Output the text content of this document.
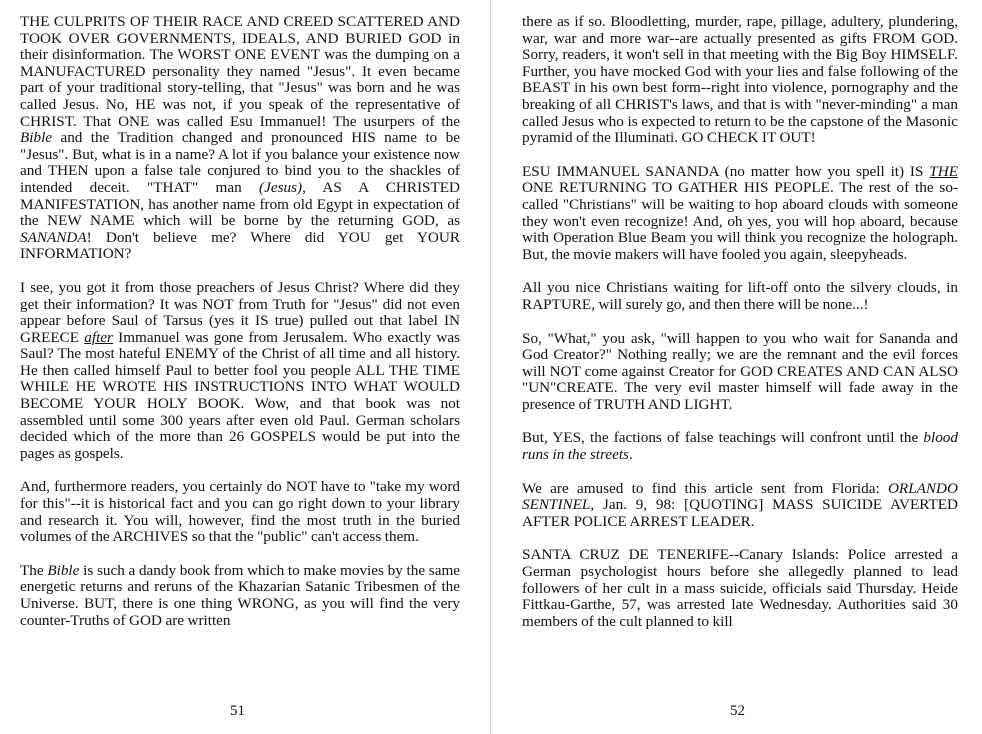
THE CULPRITS OF THEIR RACE AND CREED SCATTERED AND TOOK OVER GOVERNMENTS, IDEALS, AND BURIED GOD in their disinformation. The WORST ONE EVENT was the dumping on a MANUFACTURED personality they named "Jesus". It even became part of your traditional story-telling, that "Jesus" was born and he was called Jesus. No, HE was not, if you speak of the representative of CHRIST. That ONE was called Esu Immanuel! The usurpers of the Bible and the Tradition changed and pronounced HIS name to be "Jesus". But, what is in a name? A lot if you balance your existence now and THEN upon a false tale conjured to bind you to the shackles of intended deceit. "THAT" man (Jesus), AS A CHRISTED MANIFESTATION, has another name from old Egypt in expectation of the NEW NAME which will be borne by the returning GOD, as SANANDA! Don't believe me? Where did YOU get YOUR INFORMATION?

I see, you got it from those preachers of Jesus Christ? Where did they get their information? It was NOT from Truth for "Jesus" did not even appear before Saul of Tarsus (yes it IS true) pulled out that label IN GREECE after Immanuel was gone from Jerusalem. Who exactly was Saul? The most hateful ENEMY of the Christ of all time and all history. He then called himself Paul to better fool you people ALL THE TIME WHILE HE WROTE HIS INSTRUCTIONS INTO WHAT WOULD BECOME YOUR HOLY BOOK. Wow, and that book was not assembled until some 300 years after even old Paul. German scholars decided which of the more than 26 GOSPELS would be put into the pages as gospels.

And, furthermore readers, you certainly do NOT have to "take my word for this"--it is historical fact and you can go right down to your library and research it. You will, however, find the most truth in the buried volumes of the ARCHIVES so that the "public" can't access them.

The Bible is such a dandy book from which to make movies by the same energetic returns and reruns of the Khazarian Satanic Tribesmen of the Universe. BUT, there is one thing WRONG, as you will find the very counter-Truths of GOD are written

there as if so. Bloodletting, murder, rape, pillage, adultery, plundering, war, war and more war--are actually presented as gifts FROM GOD. Sorry, readers, it won't sell in that meeting with the Big Boy HIMSELF. Further, you have mocked God with your lies and false following of the BEAST in his own best form--right into violence, pornography and the breaking of all CHRIST's laws, and that is with "never-minding" a man called Jesus who is expected to return to be the capstone of the Masonic pyramid of the Illuminati. GO CHECK IT OUT!

ESU IMMANUEL SANANDA (no matter how you spell it) IS THE ONE RETURNING TO GATHER HIS PEOPLE. The rest of the so-called "Christians" will be waiting to hop aboard clouds with someone they won't even recognize! And, oh yes, you will hop aboard, because with Operation Blue Beam you will think you recognize the holograph. But, the movie makers will have fooled you again, sleepyheads.

All you nice Christians waiting for lift-off onto the silvery clouds, in RAPTURE, will surely go, and then there will be none...!

So, "What," you ask, "will happen to you who wait for Sananda and God Creator?" Nothing really; we are the remnant and the evil forces will NOT come against Creator for GOD CREATES AND CAN ALSO "UN"CREATE. The very evil master himself will fade away in the presence of TRUTH AND LIGHT.

But, YES, the factions of false teachings will confront until the blood runs in the streets.

We are amused to find this article sent from Florida: ORLANDO SENTINEL, Jan. 9, 98: [QUOTING] MASS SUICIDE AVERTED AFTER POLICE ARREST LEADER.

SANTA CRUZ DE TENERIFE--Canary Islands: Police arrested a German psychologist hours before she allegedly planned to lead followers of her cult in a mass suicide, officials said Thursday. Heide Fittkau-Garthe, 57, was arrested late Wednesday. Authorities said 30 members of the cult planned to kill

51	52
